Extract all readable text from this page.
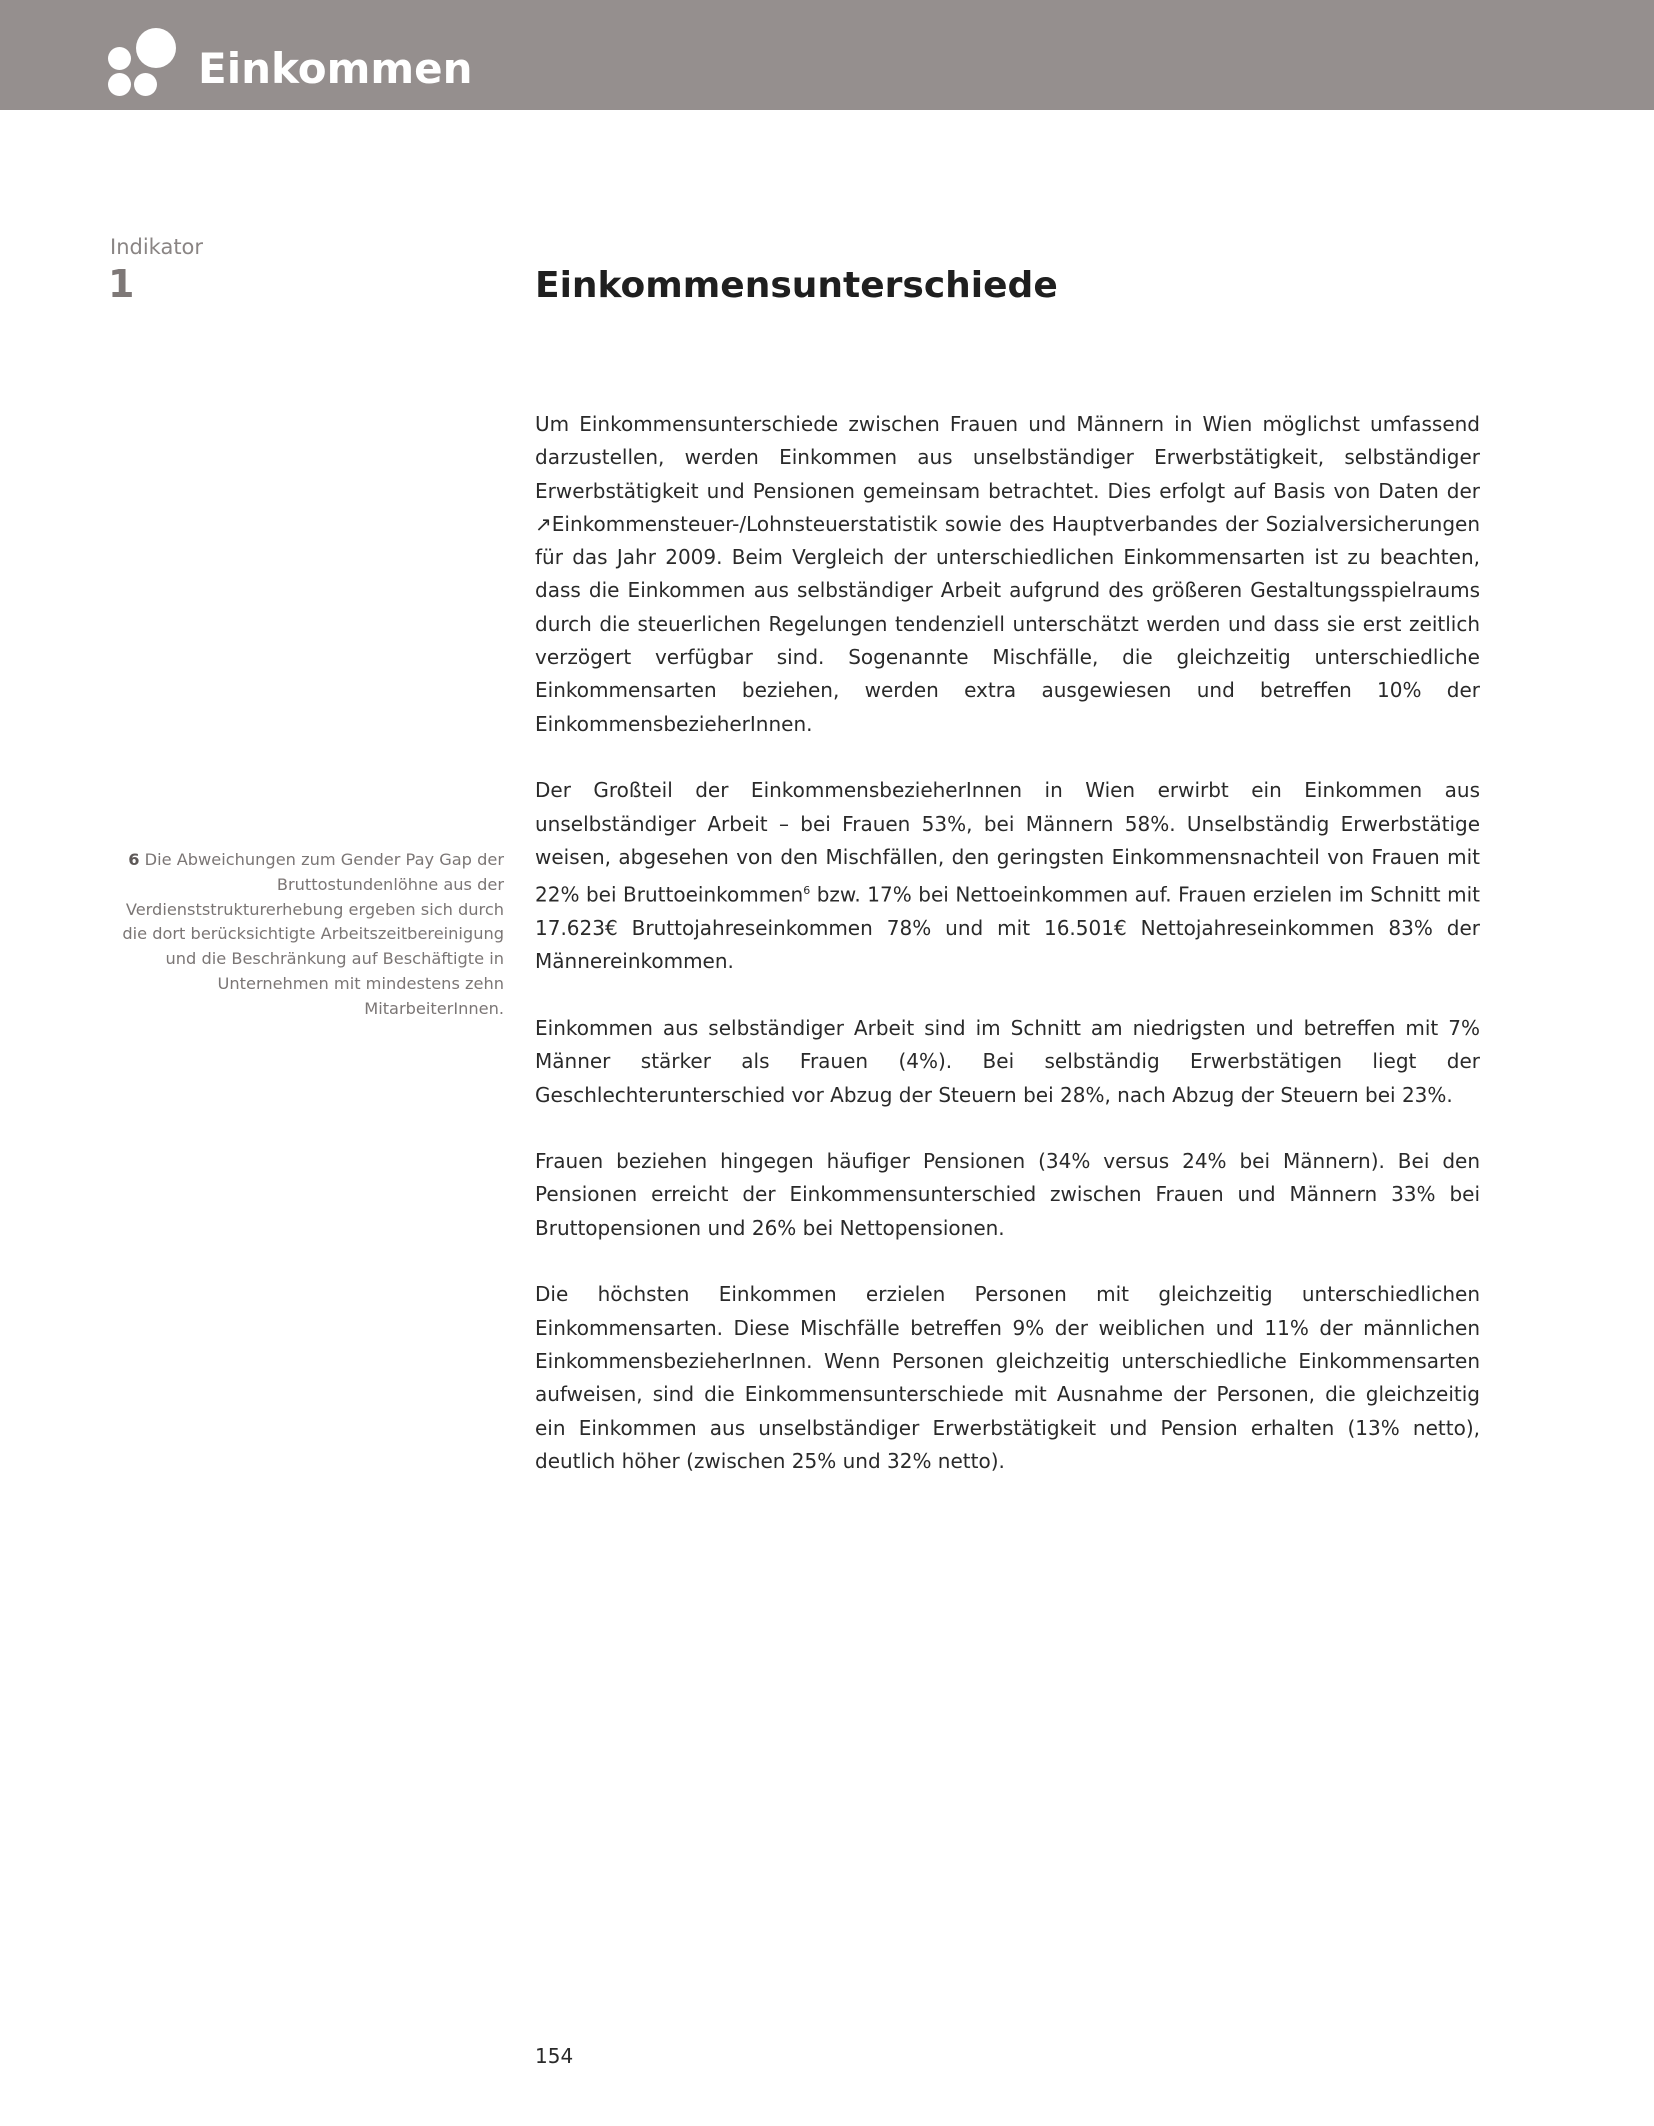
Einkommen
Indikator
1	Einkommensunterschiede

Um Einkommensunterschiede zwischen Frauen und Männern in Wien möglichst umfassend darzustellen, werden Einkommen aus unselbständiger Erwerbstätigkeit, selbständiger Erwerbstätigkeit und Pensionen gemeinsam betrachtet. Dies erfolgt auf Basis von Daten der ↗Einkommensteuer-/Lohnsteuerstatistik sowie des Hauptverbandes der Sozialversicherungen für das Jahr 2009. Beim Vergleich der unterschiedlichen Einkommensarten ist zu beachten, dass die Einkommen aus selbständiger Arbeit aufgrund des größeren Gestaltungsspielraums durch die steuerlichen Regelungen tendenziell unterschätzt werden und dass sie erst zeitlich verzögert verfügbar sind. Sogenannte Mischfälle, die gleichzeitig unterschiedliche Einkommensarten beziehen, werden extra ausgewiesen und betreffen 10% der EinkommensbezieherInnen.

Der Großteil der EinkommensbezieherInnen in Wien erwirbt ein Einkommen aus unselbständiger Arbeit – bei Frauen 53%, bei Männern 58%. Unselbständig Erwerbstätige weisen, abgesehen von den Mischfällen, den geringsten Einkommensnachteil von Frauen mit 22% bei Bruttoeinkommen$^6$ bzw. 17% bei Nettoeinkommen auf. Frauen erzielen im Schnitt mit 17.623€ Bruttojahreseinkommen 78% und mit 16.501€ Nettojahreseinkommen 83% der Männereinkommen.

Einkommen aus selbständiger Arbeit sind im Schnitt am niedrigsten und betreffen mit 7% Männer stärker als Frauen (4%). Bei selbständig Erwerbstätigen liegt der Geschlechterunterschied vor Abzug der Steuern bei 28%, nach Abzug der Steuern bei 23%.

Frauen beziehen hingegen häufiger Pensionen (34% versus 24% bei Männern). Bei den Pensionen erreicht der Einkommensunterschied zwischen Frauen und Männern 33% bei Bruttopensionen und 26% bei Nettopensionen.

Die höchsten Einkommen erzielen Personen mit gleichzeitig unterschiedlichen Einkommensarten. Diese Mischfälle betreffen 9% der weiblichen und 11% der männlichen EinkommensbezieherInnen. Wenn Personen gleichzeitig unterschiedliche Einkommensarten aufweisen, sind die Einkommensunterschiede mit Ausnahme der Personen, die gleichzeitig ein Einkommen aus unselbständiger Erwerbstätigkeit und Pension erhalten (13% netto), deutlich höher (zwischen 25% und 32% netto).

6 Die Abweichungen zum Gender Pay Gap der Bruttostundenlöhne aus der Verdienststrukturerhebung ergeben sich durch die dort berücksichtigte Arbeitszeitbereinigung und die Beschränkung auf Beschäftigte in Unternehmen mit mindestens zehn MitarbeiterInnen.
154
